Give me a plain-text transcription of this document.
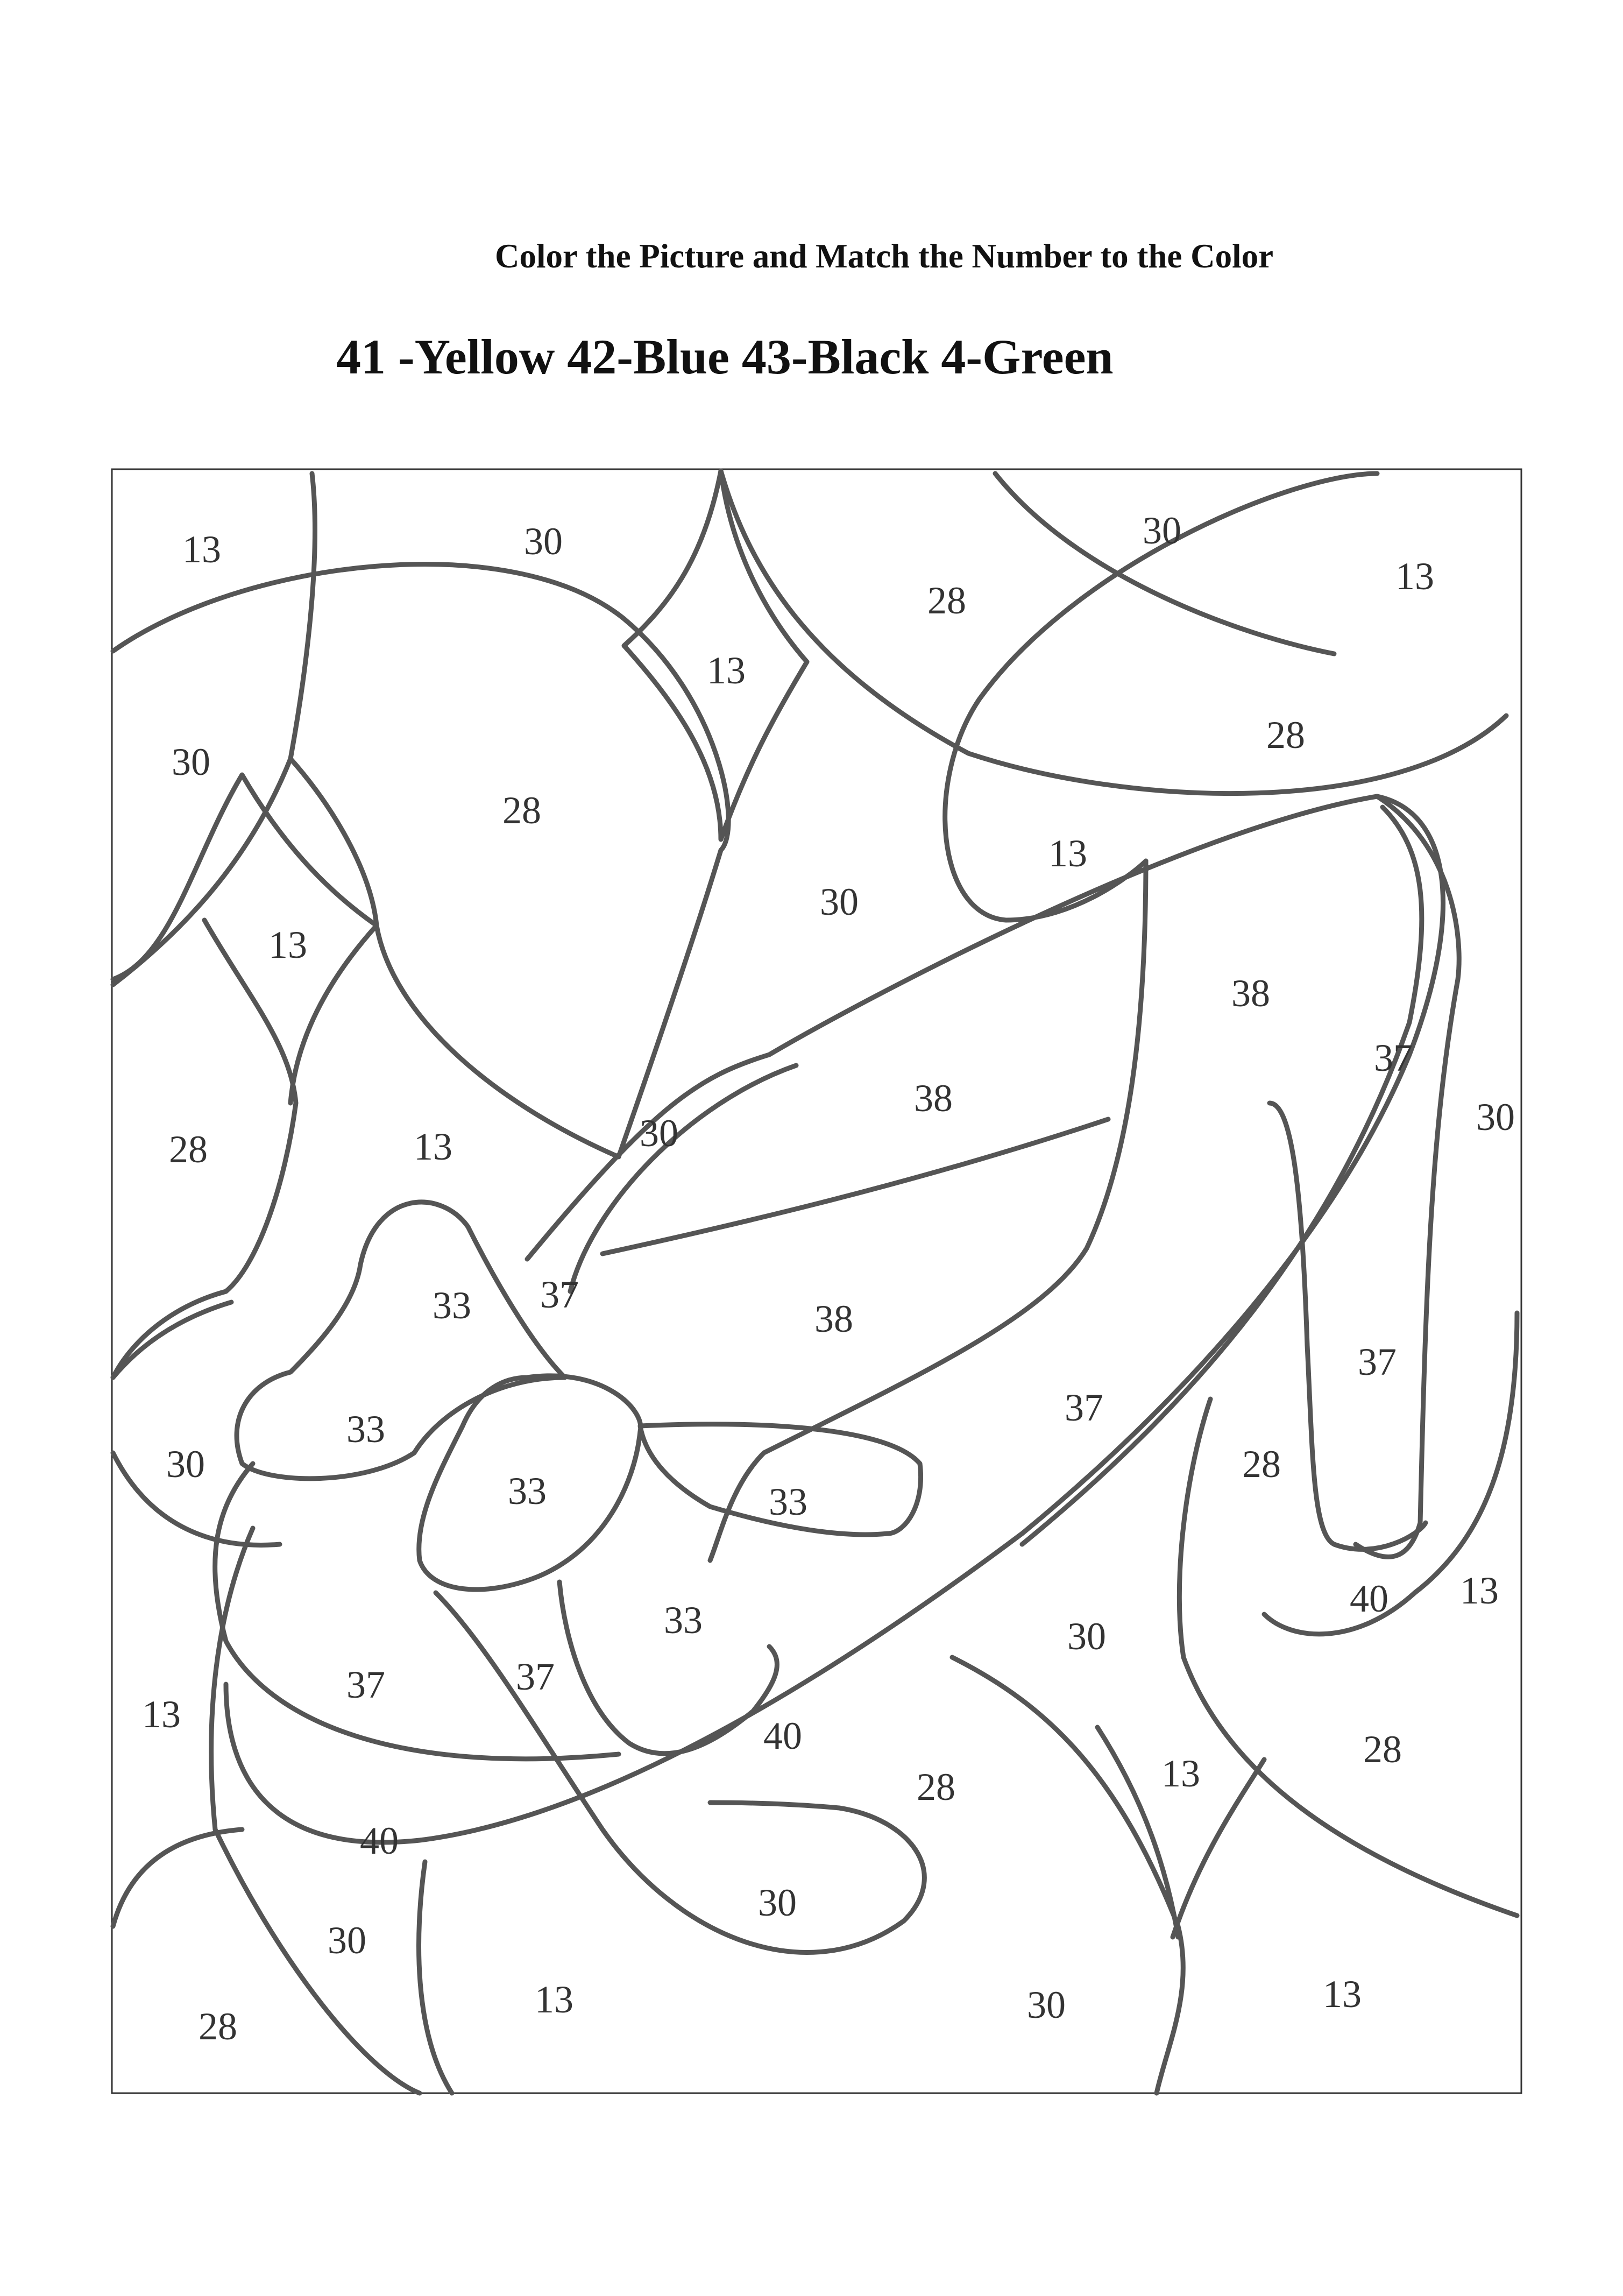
Color the Picture and Match the Number to the Color
41 -Yellow 42-Blue 43-Black 4-Green
13	30	30
13
28
13
30
28
28
13
30
13
38
37
30
28	13	30
38
33 37
38
37
37
33
30
33	33
28
40 13
33	30
13
37	37
40
28
28
13
40
30
30
28
13	30	13
